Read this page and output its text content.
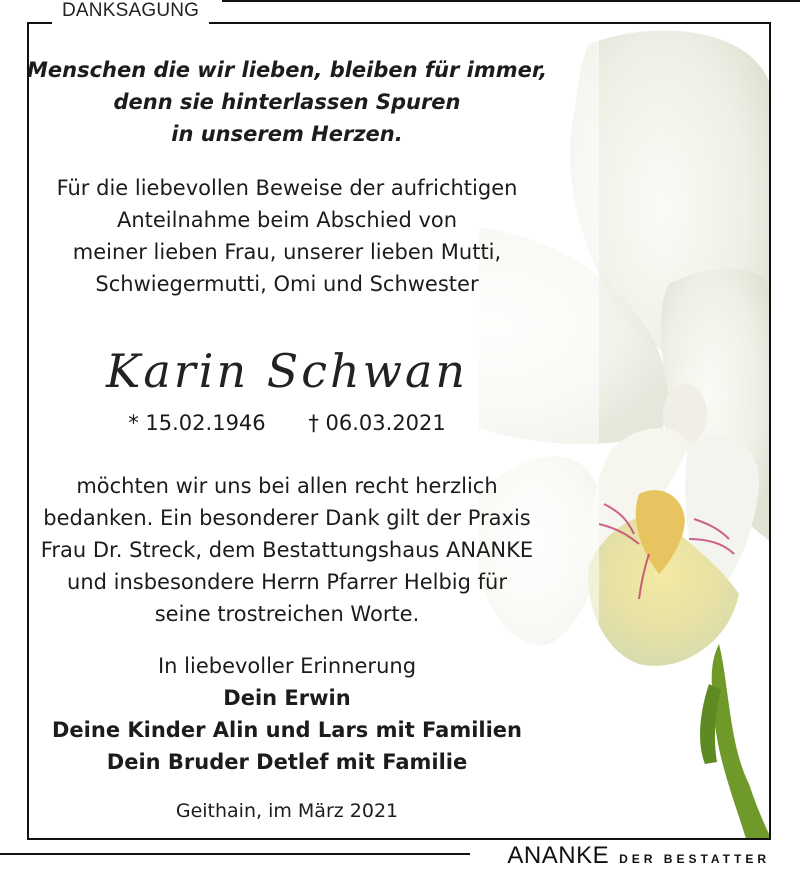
DANKSAGUNG
Menschen die wir lieben, bleiben für immer,
denn sie hinterlassen Spuren
in unserem Herzen.
Für die liebevollen Beweise der aufrichtigen
Anteilnahme beim Abschied von
meiner lieben Frau, unserer lieben Mutti,
Schwiegermutti, Omi und Schwester
Karin Schwan
* 15.02.1946 † 06.03.2021
möchten wir uns bei allen recht herzlich
bedanken. Ein besonderer Dank gilt der Praxis
Frau Dr. Streck, dem Bestattungshaus ANANKE
und insbesondere Herrn Pfarrer Helbig für
seine trostreichen Worte.
In liebevoller Erinnerung
Dein Erwin
Deine Kinder Alin und Lars mit Familien
Dein Bruder Detlef mit Familie
Geithain, im März 2021
ANANKE DER BESTATTER
